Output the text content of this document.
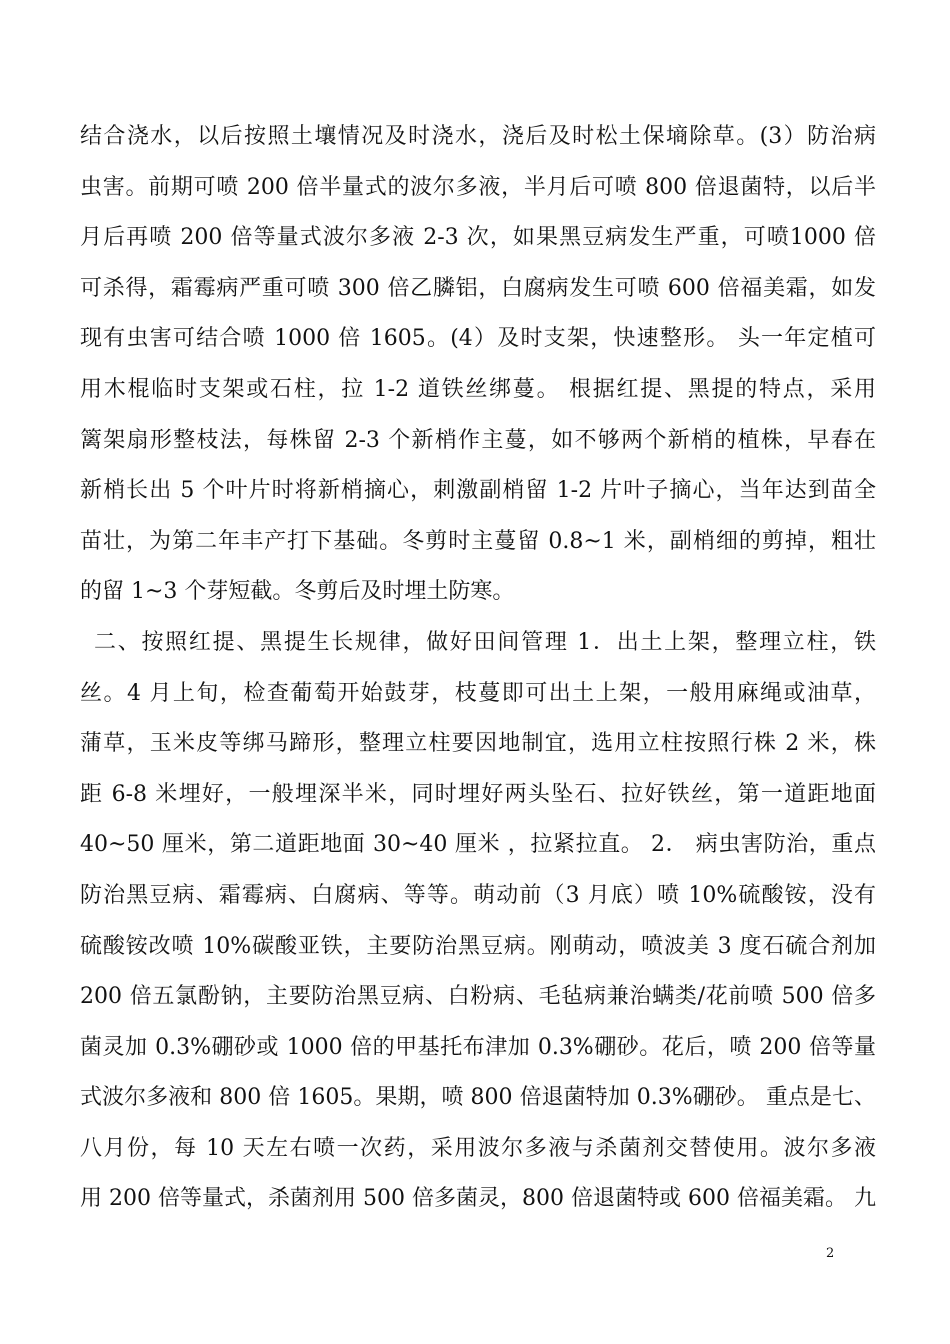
结合浇水，以后按照土壤情况及时浇水，浇后及时松土保墒除草。(3）防治病
虫害。前期可喷 200 倍半量式的波尔多液，半月后可喷 800 倍退菌特，以后半
月后再喷 200 倍等量式波尔多液 2-3 次，如果黑豆病发生严重，可喷1000 倍
可杀得，霜霉病严重可喷 300 倍乙膦铝，白腐病发生可喷 600 倍福美霜，如发
现有虫害可结合喷 1000 倍 1605。(4）及时支架，快速整形。 头一年定植可
用木棍临时支架或石柱，拉 1-2 道铁丝绑蔓。 根据红提、黑提的特点，采用
篱架扇形整枝法，每株留 2-3 个新梢作主蔓，如不够两个新梢的植株，早春在
新梢长出 5 个叶片时将新梢摘心，刺激副梢留 1-2 片叶子摘心，当年达到苗全
苗壮，为第二年丰产打下基础。冬剪时主蔓留 0.8~1 米，副梢细的剪掉，粗壮
的留 1~3 个芽短截。冬剪后及时埋土防寒。
二、按照红提、黑提生长规律，做好田间管理 1．出土上架，整理立柱，铁
丝。4 月上旬，检查葡萄开始鼓芽，枝蔓即可出土上架，一般用麻绳或油草，
蒲草，玉米皮等绑马蹄形，整理立柱要因地制宜，选用立柱按照行株 2 米，株
距 6-8 米埋好，一般埋深半米，同时埋好两头坠石、拉好铁丝，第一道距地面
40~50 厘米，第二道距地面 30~40 厘米 ，拉紧拉直。 2． 病虫害防治，重点
防治黑豆病、霜霉病、白腐病、等等。萌动前（3 月底）喷 10%硫酸铵，没有
硫酸铵改喷 10%碳酸亚铁，主要防治黑豆病。刚萌动，喷波美 3 度石硫合剂加
200 倍五氯酚钠，主要防治黑豆病、白粉病、毛毡病兼治螨类/花前喷 500 倍多
菌灵加 0.3%硼砂或 1000 倍的甲基托布津加 0.3%硼砂。花后，喷 200 倍等量
式波尔多液和 800 倍 1605。果期，喷 800 倍退菌特加 0.3%硼砂。 重点是七、
八月份，每 10 天左右喷一次药，采用波尔多液与杀菌剂交替使用。波尔多液
用 200 倍等量式，杀菌剂用 500 倍多菌灵，800 倍退菌特或 600 倍福美霜。 九
2
